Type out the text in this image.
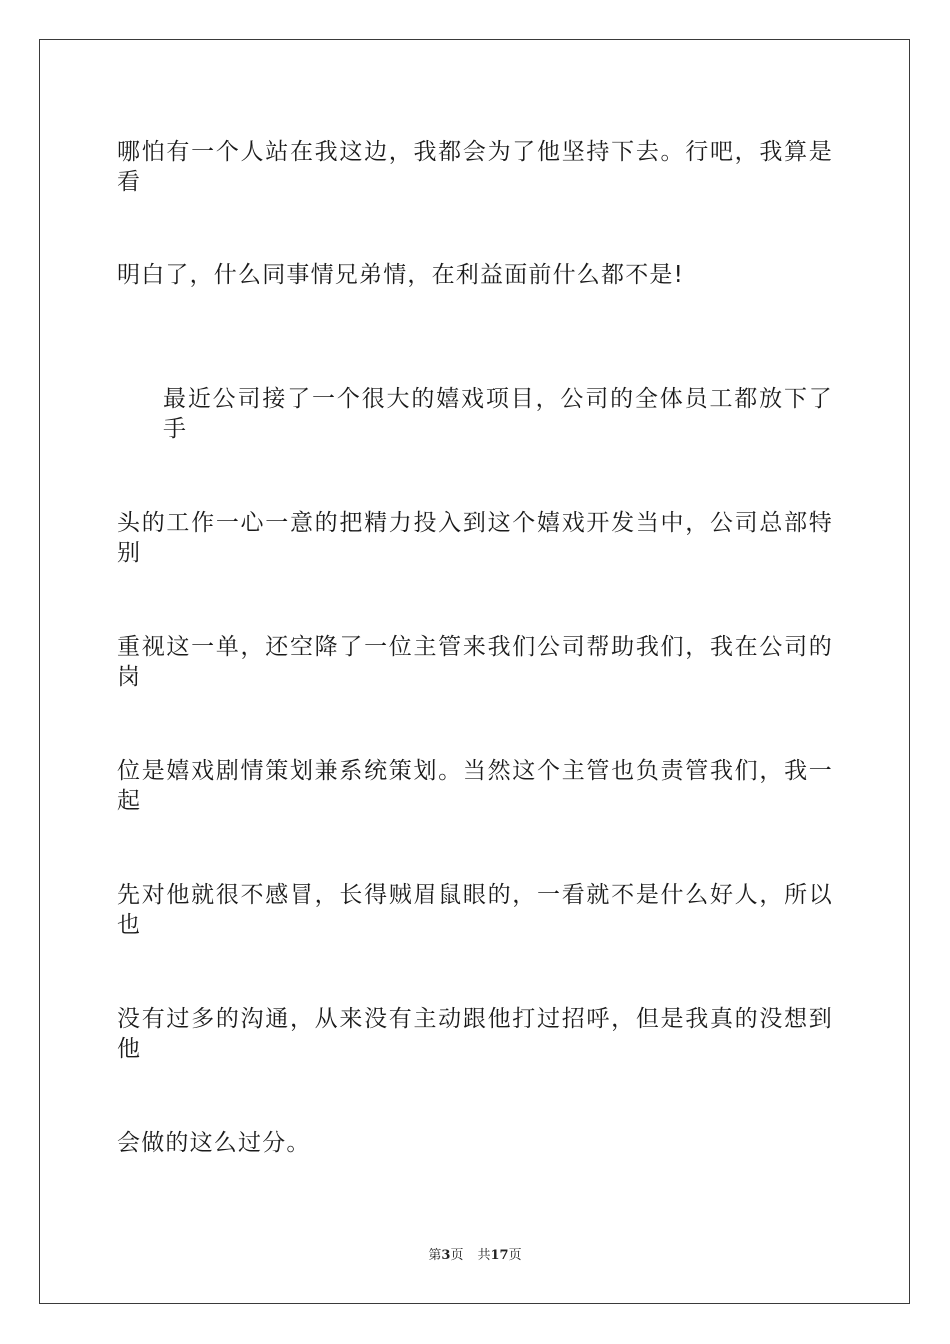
哪怕有一个人站在我这边，我都会为了他坚持下去。行吧，我算是看
明白了，什么同事情兄弟情，在利益面前什么都不是!
最近公司接了一个很大的嬉戏项目，公司的全体员工都放下了手
头的工作一心一意的把精力投入到这个嬉戏开发当中，公司总部特别
重视这一单，还空降了一位主管来我们公司帮助我们，我在公司的岗
位是嬉戏剧情策划兼系统策划。当然这个主管也负责管我们，我一起
先对他就很不感冒，长得贼眉鼠眼的，一看就不是什么好人，所以也
没有过多的沟通，从来没有主动跟他打过招呼，但是我真的没想到他
会做的这么过分。
第3页 共17页
